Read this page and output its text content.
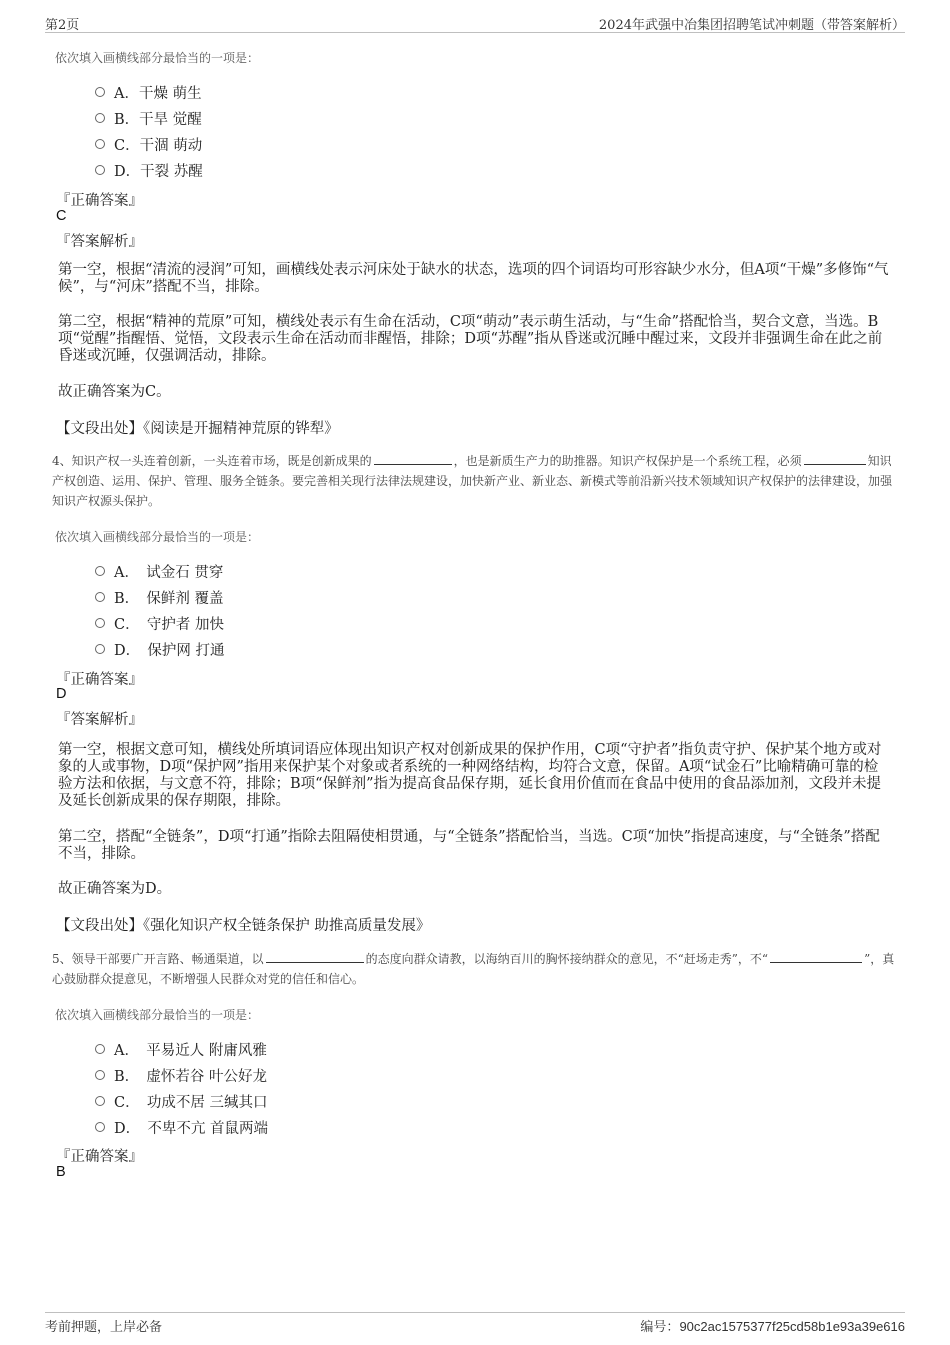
第2页	2024年武强中冶集团招聘笔试冲刺题（带答案解析）
依次填入画横线部分最恰当的一项是：
A．干燥 萌生
B．干旱 觉醒
C．干涸 萌动
D．干裂 苏醒
『正确答案』
C
『答案解析』
第一空，根据“清流的浸润”可知，画横线处表示河床处于缺水的状态，选项的四个词语均可形容缺少水分，但A项“干燥”多修饰“气候”，与“河床”搭配不当，排除。
第二空，根据“精神的荒原”可知，横线处表示有生命在活动，C项“萌动”表示萌生活动，与“生命”搭配恰当，契合文意，当选。B项“觉醒”指醒悟、觉悟，文段表示生命在活动而非醒悟，排除；D项“苏醒”指从昏迷或沉睡中醒过来，文段并非强调生命在此之前昏迷或沉睡，仅强调活动，排除。
故正确答案为C。
【文段出处】《阅读是开掘精神荒原的铧犁》
4、知识产权一头连着创新，一头连着市场，既是创新成果的	，也是新质生产力的助推器。知识产权保护是一个系统工程，必须	知识产权创造、运用、保护、管理、服务全链条。要完善相关现行法律法规建设，加快新产业、新业态、新模式等前沿新兴技术领域知识产权保护的法律建设，加强知识产权源头保护。
依次填入画横线部分最恰当的一项是：
A．　试金石 贯穿
B．　保鲜剂 覆盖
C．　守护者 加快
D．　保护网 打通
『正确答案』
D
『答案解析』
第一空，根据文意可知，横线处所填词语应体现出知识产权对创新成果的保护作用，C项“守护者”指负责守护、保护某个地方或对象的人或事物，D项“保护网”指用来保护某个对象或者系统的一种网络结构，均符合文意，保留。A项“试金石”比喻精确可靠的检验方法和依据，与文意不符，排除；B项“保鲜剂”指为提高食品保存期，延长食用价值而在食品中使用的食品添加剂，文段并未提及延长创新成果的保存期限，排除。
第二空，搭配“全链条”，D项“打通”指除去阻隔使相贯通，与“全链条”搭配恰当，当选。C项“加快”指提高速度，与“全链条”搭配不当，排除。
故正确答案为D。
【文段出处】《强化知识产权全链条保护 助推高质量发展》
5、领导干部要广开言路、畅通渠道，以	的态度向群众请教，以海纳百川的胸怀接纳群众的意见，不“赶场走秀”，不“	”，真心鼓励群众提意见，不断增强人民群众对党的信任和信心。
依次填入画横线部分最恰当的一项是：
A．　平易近人 附庸风雅
B．　虚怀若谷 叶公好龙
C．　功成不居 三缄其口
D．　不卑不亢 首鼠两端
『正确答案』
B
考前押题，上岸必备	编号：90c2ac1575377f25cd58b1e93a39e616
